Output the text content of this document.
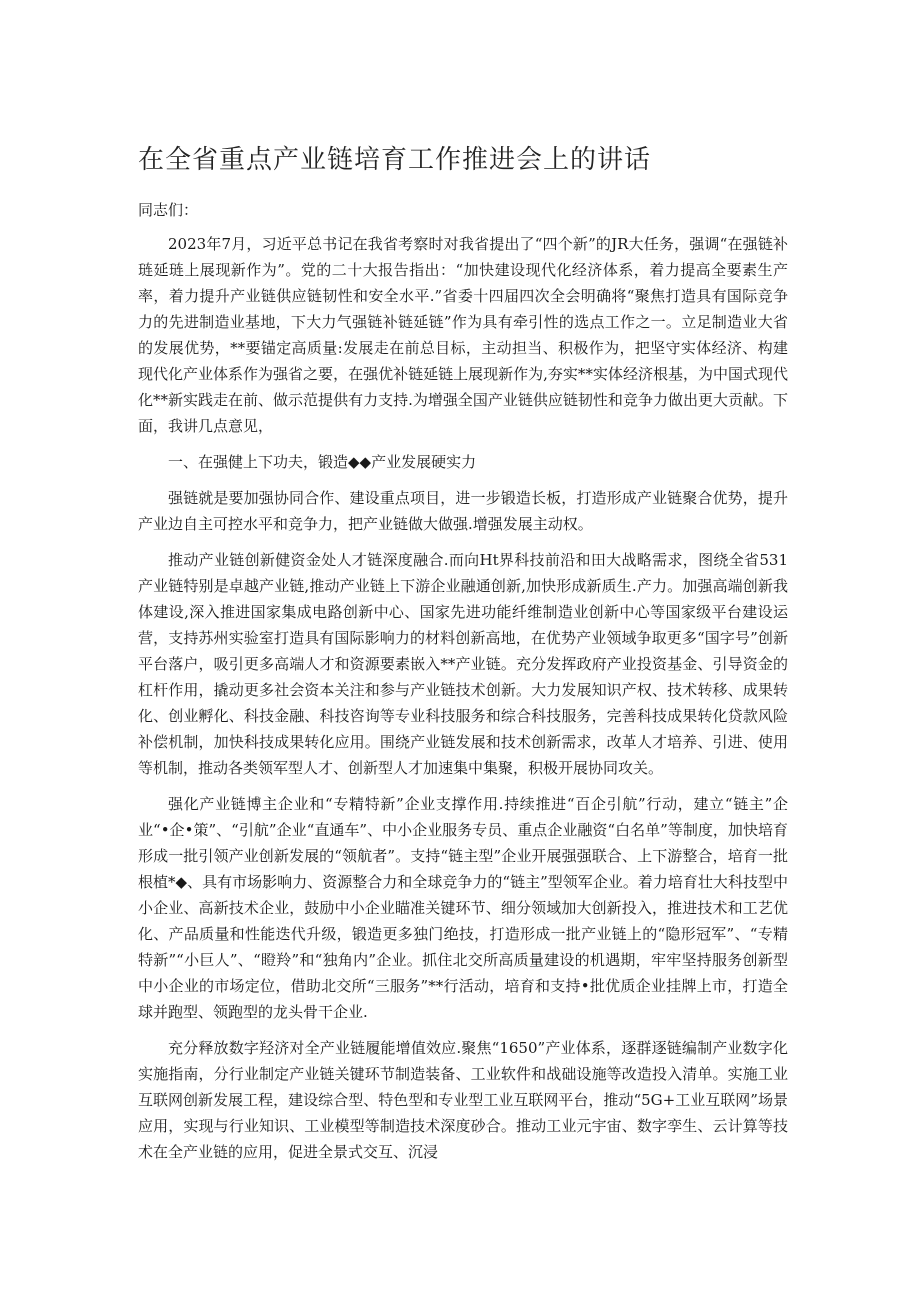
在全省重点产业链培育工作推进会上的讲话
同志们：

2023年7月，习近平总书记在我省考察时对我省提出了“四个新”的JR大任务，强调“在强链补琏延琏上展现新作为”。党的二十大报告指出：“加快建设现代化经济体系，着力提高全要素生产率，着力提升产业链供应链韧性和安全水平.”省委十四届四次全会明确将“聚焦打造具有国际竞争力的先进制造业基地，下大力气强链补链延链”作为具有牵引性的选点工作之一。立足制造业大省的发展优势，**要锚定高质量:发展走在前总目标，主动担当、积极作为，把坚守实体经济、构建现代化产业体系作为强省之要，在强优补链延链上展现新作为,夯实**实体经济根基，为中国式现代化**新实践走在前、做示范提供有力支持.为增强全国产业链供应链韧性和竞争力做出更大贡献。下面，我讲几点意见，

一、在强健上下功夫，锻造◆◆产业发展硬实力

强链就是要加强协同合作、建设重点项目，进一步锻造长板，打造形成产业链聚合优势，提升产业边自主可控水平和竞争力，把产业链做大做强.增强发展主动权。

推动产业链创新健资金处人才链深度融合.而向Ht界科技前沿和田大战略需求，图绕全省531产业链特别是卓越产业链,推动产业链上下游企业融通创新,加快形成新质生.产力。加强高端创新我体建设,深入推进国家集成电路创新中心、国家先进功能纤维制造业创新中心等国家级平台建设运营，支持苏州实验室打造具有国际影响力的材料创新高地，在优势产业领域争取更多“国字号”创新平台落户，吸引更多高端人才和资源要素嵌入**产业链。充分发挥政府产业投资基金、引导资金的杠杆作用，撬动更多社会资本关注和参与产业链技术创新。大力发展知识产权、技术转移、成果转化、创业孵化、科技金融、科技咨询等专业科技服务和综合科技服务，完善科技成果转化贷款风险补偿机制，加快科技成果转化应用。围绕产业链发展和技术创新需求，改革人才培养、引进、使用等机制，推动各类领军型人才、创新型人才加速集中集聚，积极开展协同攻关。

强化产业链博主企业和“专精特新”企业支撑作用.持续推进“百企引航”行动，建立“链主”企业“•企•策”、“引航”企业“直通车”、中小企业服务专员、重点企业融资“白名单”等制度，加快培育形成一批引领产业创新发展的“领航者”。支持“链主型”企业开展强强联合、上下游整合，培育一批根植*◆、具有市场影响力、资源整合力和全球竞争力的“链主”型领军企业。着力培育壮大科技型中小企业、高新技术企业，鼓励中小企业瞄准关键环节、细分领域加大创新投入，推进技术和工艺优化、产品质量和性能迭代升级，锻造更多独门绝技，打造形成一批产业链上的“隐形冠军”、“专精特新”“小巨人”、“瞪羚”和“独角内”企业。抓住北交所高质量建设的机遇期，牢牢坚持服务创新型中小企业的市场定位，借助北交所“三服务”**行活动，培育和支持•批优质企业挂牌上市，打造全球并跑型、领跑型的龙头骨干企业.

充分释放数字羟济对全产业链履能增值效应.聚焦“1650”产业体系，逐群逐链编制产业数字化实施指南，分行业制定产业链关键环节制造装备、工业软件和战础设施等改造投入清单。实施工业互联网创新发展工程，建设综合型、特色型和专业型工业互联网平台，推动“5G+工业互联网”场景应用，实现与行业知识、工业模型等制造技术深度砂合。推动工业元宇宙、数字孪生、云计算等技术在全产业链的应用，促进全景式交互、沉浸
